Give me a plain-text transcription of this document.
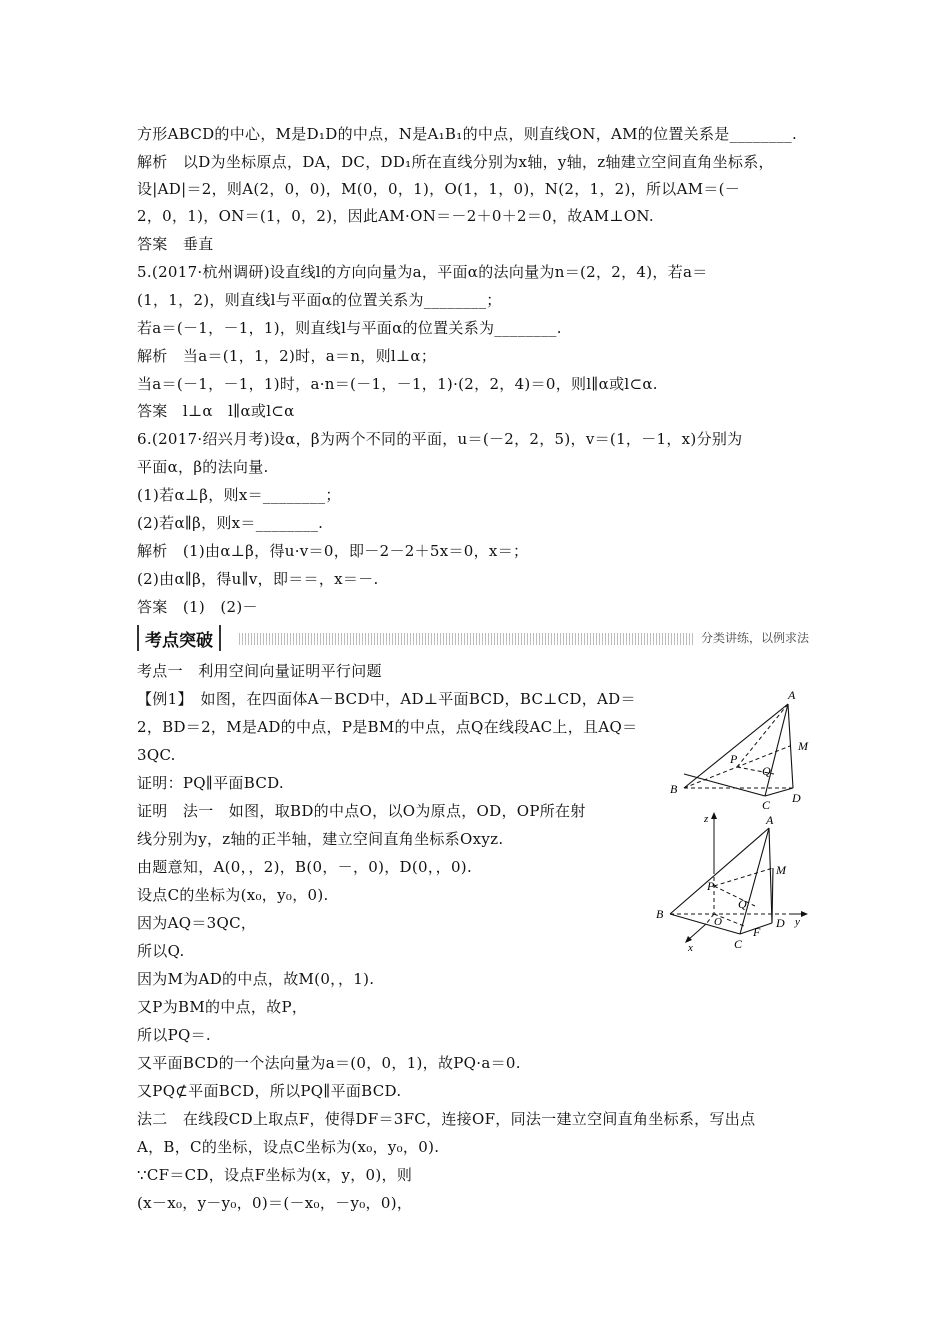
方形ABCD的中心，M是D₁D的中点，N是A₁B₁的中点，则直线ON，AM的位置关系是________.
解析　以D为坐标原点，DA，DC，DD₁所在直线分别为x轴，y轴，z轴建立空间直角坐标系，
设|AD|＝2，则A(2，0，0)，M(0，0，1)，O(1，1，0)，N(2，1，2)，所以AM＝(－
2，0，1)，ON＝(1，0，2)，因此AM·ON＝－2＋0＋2＝0，故AM⊥ON.
答案　垂直
5.(2017·杭州调研)设直线l的方向向量为a，平面α的法向量为n＝(2，2，4)，若a＝
(1，1，2)，则直线l与平面α的位置关系为________；
若a＝(－1，－1，1)，则直线l与平面α的位置关系为________.
解析　当a＝(1，1，2)时，a＝n，则l⊥α；
当a＝(－1，－1，1)时，a·n＝(－1，－1，1)·(2，2，4)＝0，则l∥α或l⊂α.
答案　l⊥α　l∥α或l⊂α
6.(2017·绍兴月考)设α，β为两个不同的平面，u＝(－2，2，5)，v＝(1，－1，x)分别为
平面α，β的法向量.
(1)若α⊥β，则x＝________；
(2)若α∥β，则x＝________.
解析　(1)由α⊥β，得u·v＝0，即－2－2＋5x＝0，x＝；
(2)由α∥β，得u∥v，即＝＝，x＝－.
答案　(1)　(2)－
考点突破	分类讲练，以例求法
考点一　利用空间向量证明平行问题
【例1】　如图，在四面体A－BCD中，AD⊥平面BCD，BC⊥CD，AD＝
2，BD＝2，M是AD的中点，P是BM的中点，点Q在线段AC上，且AQ＝
3QC.
证明：PQ∥平面BCD.
证明　法一　如图，取BD的中点O，以O为原点，OD，OP所在射
线分别为y，z轴的正半轴，建立空间直角坐标系Oxyz.
由题意知，A(0，，2)，B(0，－，0)，D(0，，0).
设点C的坐标为(x₀，y₀，0).
因为AQ＝3QC，
所以Q.
因为M为AD的中点，故M(0，，1).
又P为BM的中点，故P，
所以PQ＝.
又平面BCD的一个法向量为a＝(0，0，1)，故PQ·a＝0.
又PQ⊄平面BCD，所以PQ∥平面BCD.
法二　在线段CD上取点F，使得DF＝3FC，连接OF，同法一建立空间直角坐标系，写出点
A，B，C的坐标，设点C坐标为(x₀，y₀，0).
∵CF＝CD，设点F坐标为(x，y，0)，则
(x－x₀，y－y₀，0)＝(－x₀，－y₀，0)，
A
M
P
Q
B
C D
z	A
M
P
Q
B
O	D y
x	C
F
